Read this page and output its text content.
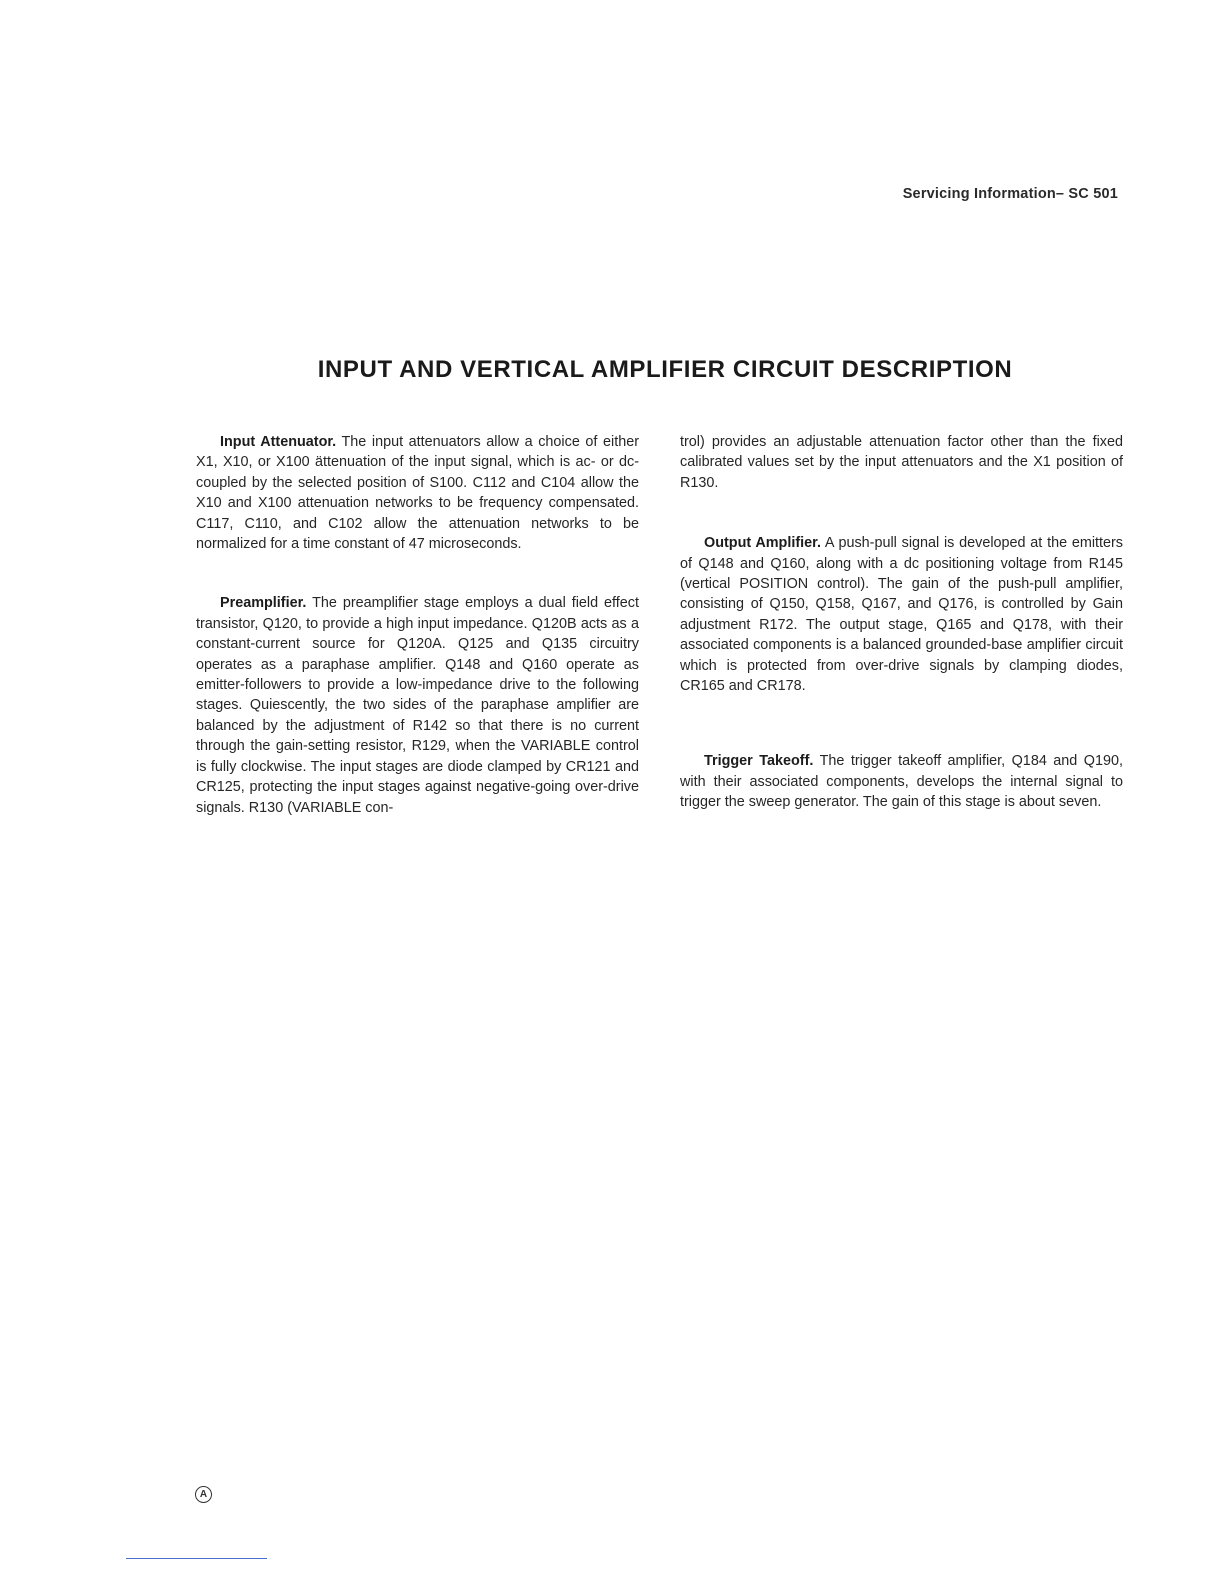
Servicing Information– SC 501
INPUT AND VERTICAL AMPLIFIER CIRCUIT DESCRIPTION

Input Attenuator. The input attenuators allow a choice of either X1, X10, or X100 ättenuation of the input signal, which is ac- or dc-coupled by the selected position of S100. C112 and C104 allow the X10 and X100 attenuation networks to be frequency compensated. C117, C110, and C102 allow the attenuation networks to be normalized for a time constant of 47 microseconds.

Preamplifier. The preamplifier stage employs a dual field effect transistor, Q120, to provide a high input impedance. Q120B acts as a constant-current source for Q120A. Q125 and Q135 circuitry operates as a paraphase amplifier. Q148 and Q160 operate as emitter-followers to provide a low-impedance drive to the following stages. Quiescently, the two sides of the paraphase amplifier are balanced by the adjustment of R142 so that there is no current through the gain-setting resistor, R129, when the VARIABLE control is fully clockwise. The input stages are diode clamped by CR121 and CR125, protecting the input stages against negative-going over-drive signals. R130 (VARIABLE con-

trol) provides an adjustable attenuation factor other than the fixed calibrated values set by the input attenuators and the X1 position of R130.

Output Amplifier. A push-pull signal is developed at the emitters of Q148 and Q160, along with a dc positioning voltage from R145 (vertical POSITION control). The gain of the push-pull amplifier, consisting of Q150, Q158, Q167, and Q176, is controlled by Gain adjustment R172. The output stage, Q165 and Q178, with their associated components is a balanced grounded-base amplifier circuit which is protected from over-drive signals by clamping diodes, CR165 and CR178.

Trigger Takeoff. The trigger takeoff amplifier, Q184 and Q190, with their associated components, develops the internal signal to trigger the sweep generator. The gain of this stage is about seven.

A
